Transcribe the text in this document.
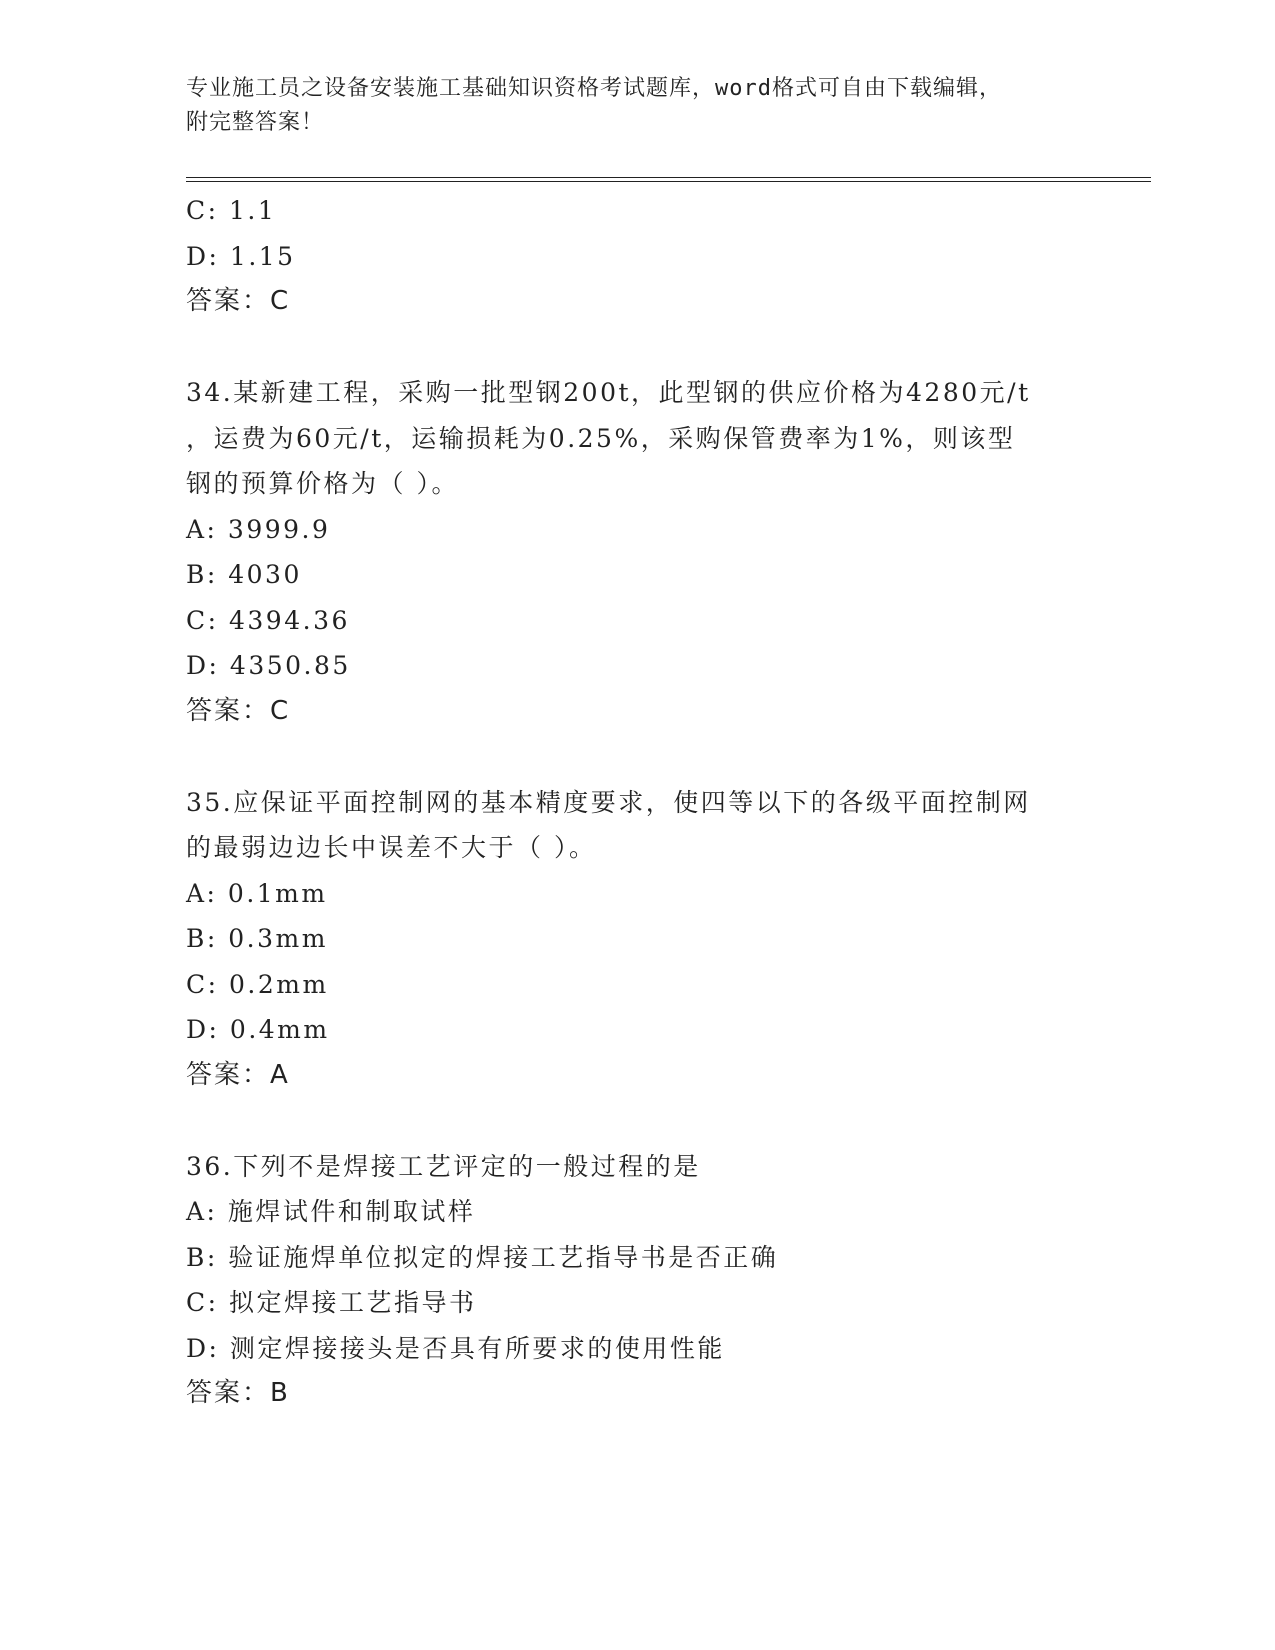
专业施工员之设备安装施工基础知识资格考试题库，word格式可自由下载编辑，
附完整答案！
C: 1.1
D: 1.15
答案：C
34.某新建工程，采购一批型钢200t，此型钢的供应价格为4280元/t
，运费为60元/t，运输损耗为0.25%，采购保管费率为1%，则该型
钢的预算价格为（ ）。
A: 3999.9
B: 4030
C: 4394.36
D: 4350.85
答案：C
35.应保证平面控制网的基本精度要求，使四等以下的各级平面控制网
的最弱边边长中误差不大于（ ）。
A: 0.1mm
B: 0.3mm
C: 0.2mm
D: 0.4mm
答案：A
36.下列不是焊接工艺评定的一般过程的是
A: 施焊试件和制取试样
B: 验证施焊单位拟定的焊接工艺指导书是否正确
C: 拟定焊接工艺指导书
D: 测定焊接接头是否具有所要求的使用性能
答案：B
